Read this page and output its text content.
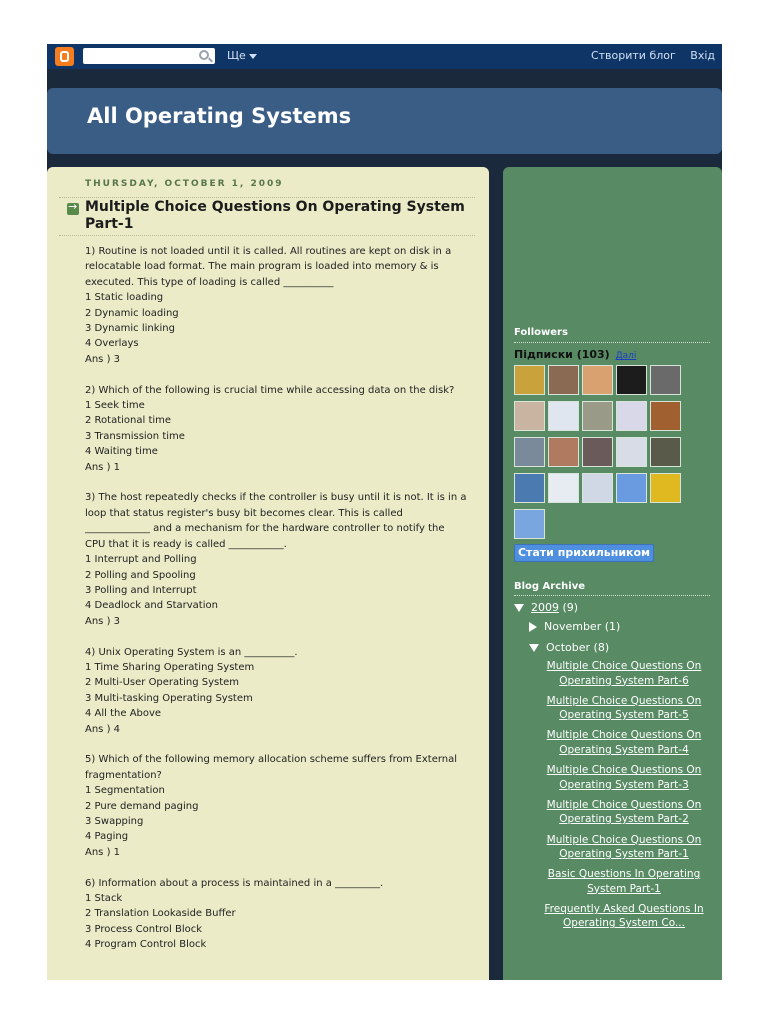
Ще	Створити блог Вхід
All Operating Systems
THURSDAY, OCTOBER 1, 2009
→
Multiple Choice Questions On Operating System Part-1
1) Routine is not loaded until it is called. All routines are kept on disk in a relocatable load format. The main program is loaded into memory & is executed. This type of loading is called __________
1 Static loading
2 Dynamic loading
3 Dynamic linking
4 Overlays
Ans ) 3
2) Which of the following is crucial time while accessing data on the disk?
1 Seek time
2 Rotational time
3 Transmission time
4 Waiting time
Ans ) 1
3) The host repeatedly checks if the controller is busy until it is not. It is in a loop that status register's busy bit becomes clear. This is called _____________ and a mechanism for the hardware controller to notify the CPU that it is ready is called ___________.
1 Interrupt and Polling
2 Polling and Spooling
3 Polling and Interrupt
4 Deadlock and Starvation
Ans ) 3
4) Unix Operating System is an __________.
1 Time Sharing Operating System
2 Multi-User Operating System
3 Multi-tasking Operating System
4 All the Above
Ans ) 4
5) Which of the following memory allocation scheme suffers from External fragmentation?
1 Segmentation
2 Pure demand paging
3 Swapping
4 Paging
Ans ) 1
6) Information about a process is maintained in a _________.
1 Stack
2 Translation Lookaside Buffer
3 Process Control Block
4 Program Control Block
Followers
Підписки (103) Далі
Стати прихильником
Blog Archive
2009 (9)
November (1)
October (8)
Multiple Choice Questions On Operating System Part-6
Multiple Choice Questions On Operating System Part-5
Multiple Choice Questions On Operating System Part-4
Multiple Choice Questions On Operating System Part-3
Multiple Choice Questions On Operating System Part-2
Multiple Choice Questions On Operating System Part-1
Basic Questions In Operating System Part-1
Frequently Asked Questions In Operating System Co...
